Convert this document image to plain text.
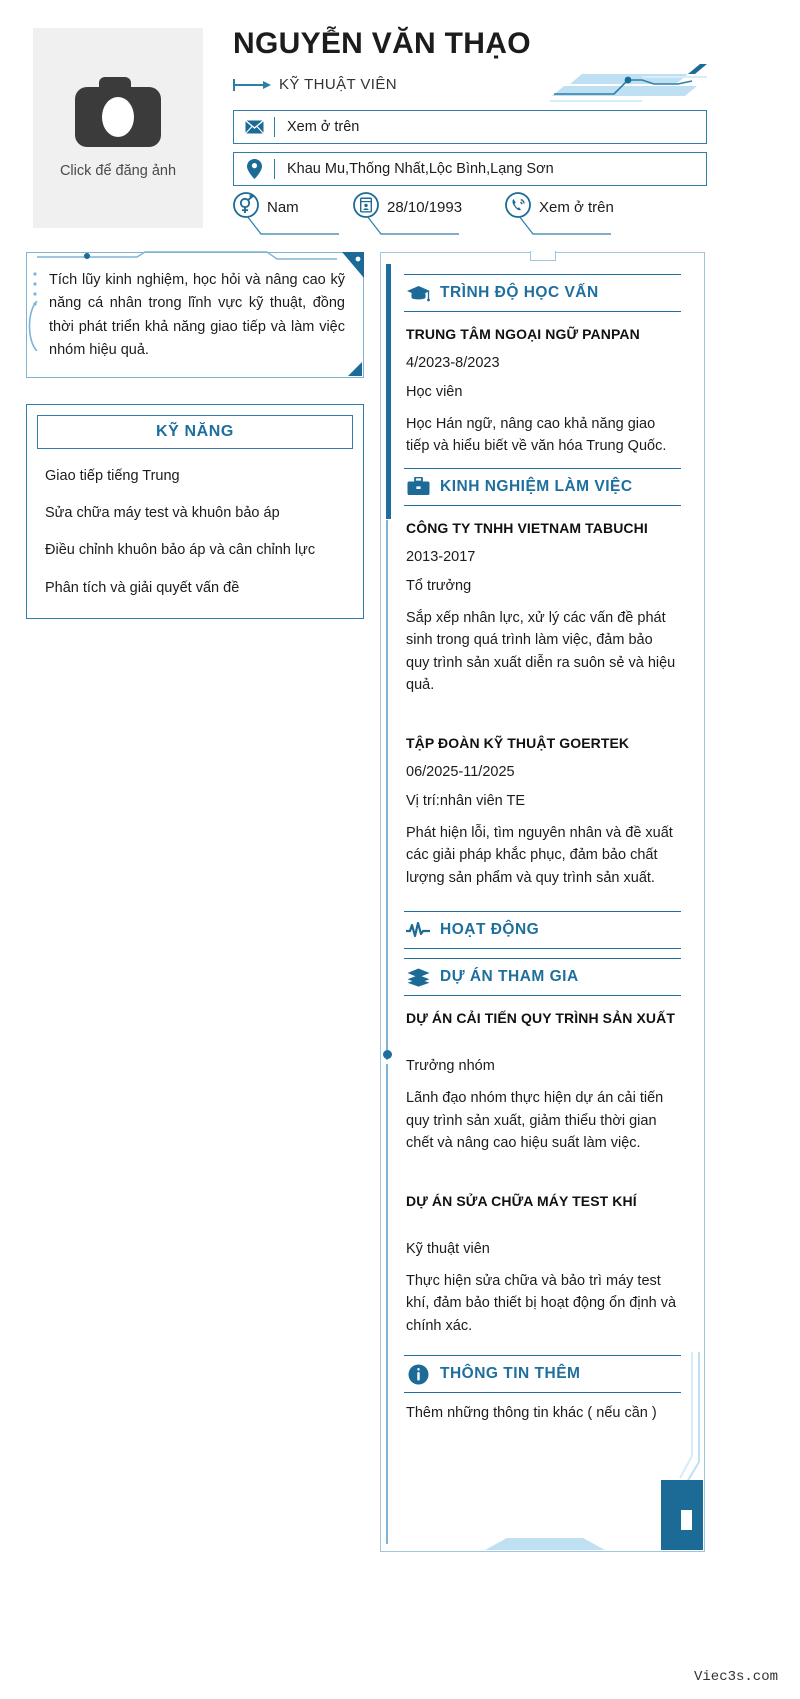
Click để đăng ảnh
NGUYỄN VĂN THẠO
KỸ THUẬT VIÊN
Xem ở trên
Khau Mu,Thống Nhất,Lộc Bình,Lạng Sơn
Nam	28/10/1993	Xem ở trên
Tích lũy kinh nghiệm, học hỏi và nâng cao kỹ năng cá nhân trong lĩnh vực kỹ thuật, đồng thời phát triển khả năng giao tiếp và làm việc nhóm hiệu quả.
KỸ NĂNG
Giao tiếp tiếng Trung
Sửa chữa máy test và khuôn bảo áp
Điều chỉnh khuôn bảo áp và cân chỉnh lực
Phân tích và giải quyết vấn đề
TRÌNH ĐỘ HỌC VẤN
TRUNG TÂM NGOẠI NGỮ PANPAN
4/2023-8/2023
Học viên
Học Hán ngữ, nâng cao khả năng giao tiếp và hiểu biết về văn hóa Trung Quốc.
KINH NGHIỆM LÀM VIỆC
CÔNG TY TNHH VIETNAM TABUCHI
2013-2017
Tổ trưởng
Sắp xếp nhân lực, xử lý các vấn đề phát sinh trong quá trình làm việc, đảm bảo quy trình sản xuất diễn ra suôn sẻ và hiệu quả.
TẬP ĐOÀN KỸ THUẬT GOERTEK
06/2025-11/2025
Vị trí:nhân viên TE
Phát hiện lỗi, tìm nguyên nhân và đề xuất các giải pháp khắc phục, đảm bảo chất lượng sản phẩm và quy trình sản xuất.
HOẠT ĐỘNG
DỰ ÁN THAM GIA
DỰ ÁN CẢI TIẾN QUY TRÌNH SẢN XUẤT
Trưởng nhóm
Lãnh đạo nhóm thực hiện dự án cải tiến quy trình sản xuất, giảm thiểu thời gian chết và nâng cao hiệu suất làm việc.
DỰ ÁN SỬA CHỮA MÁY TEST KHÍ
Kỹ thuật viên
Thực hiện sửa chữa và bảo trì máy test khí, đảm bảo thiết bị hoạt động ổn định và chính xác.
THÔNG TIN THÊM
Thêm những thông tin khác ( nếu cần )
Viec3s.com
